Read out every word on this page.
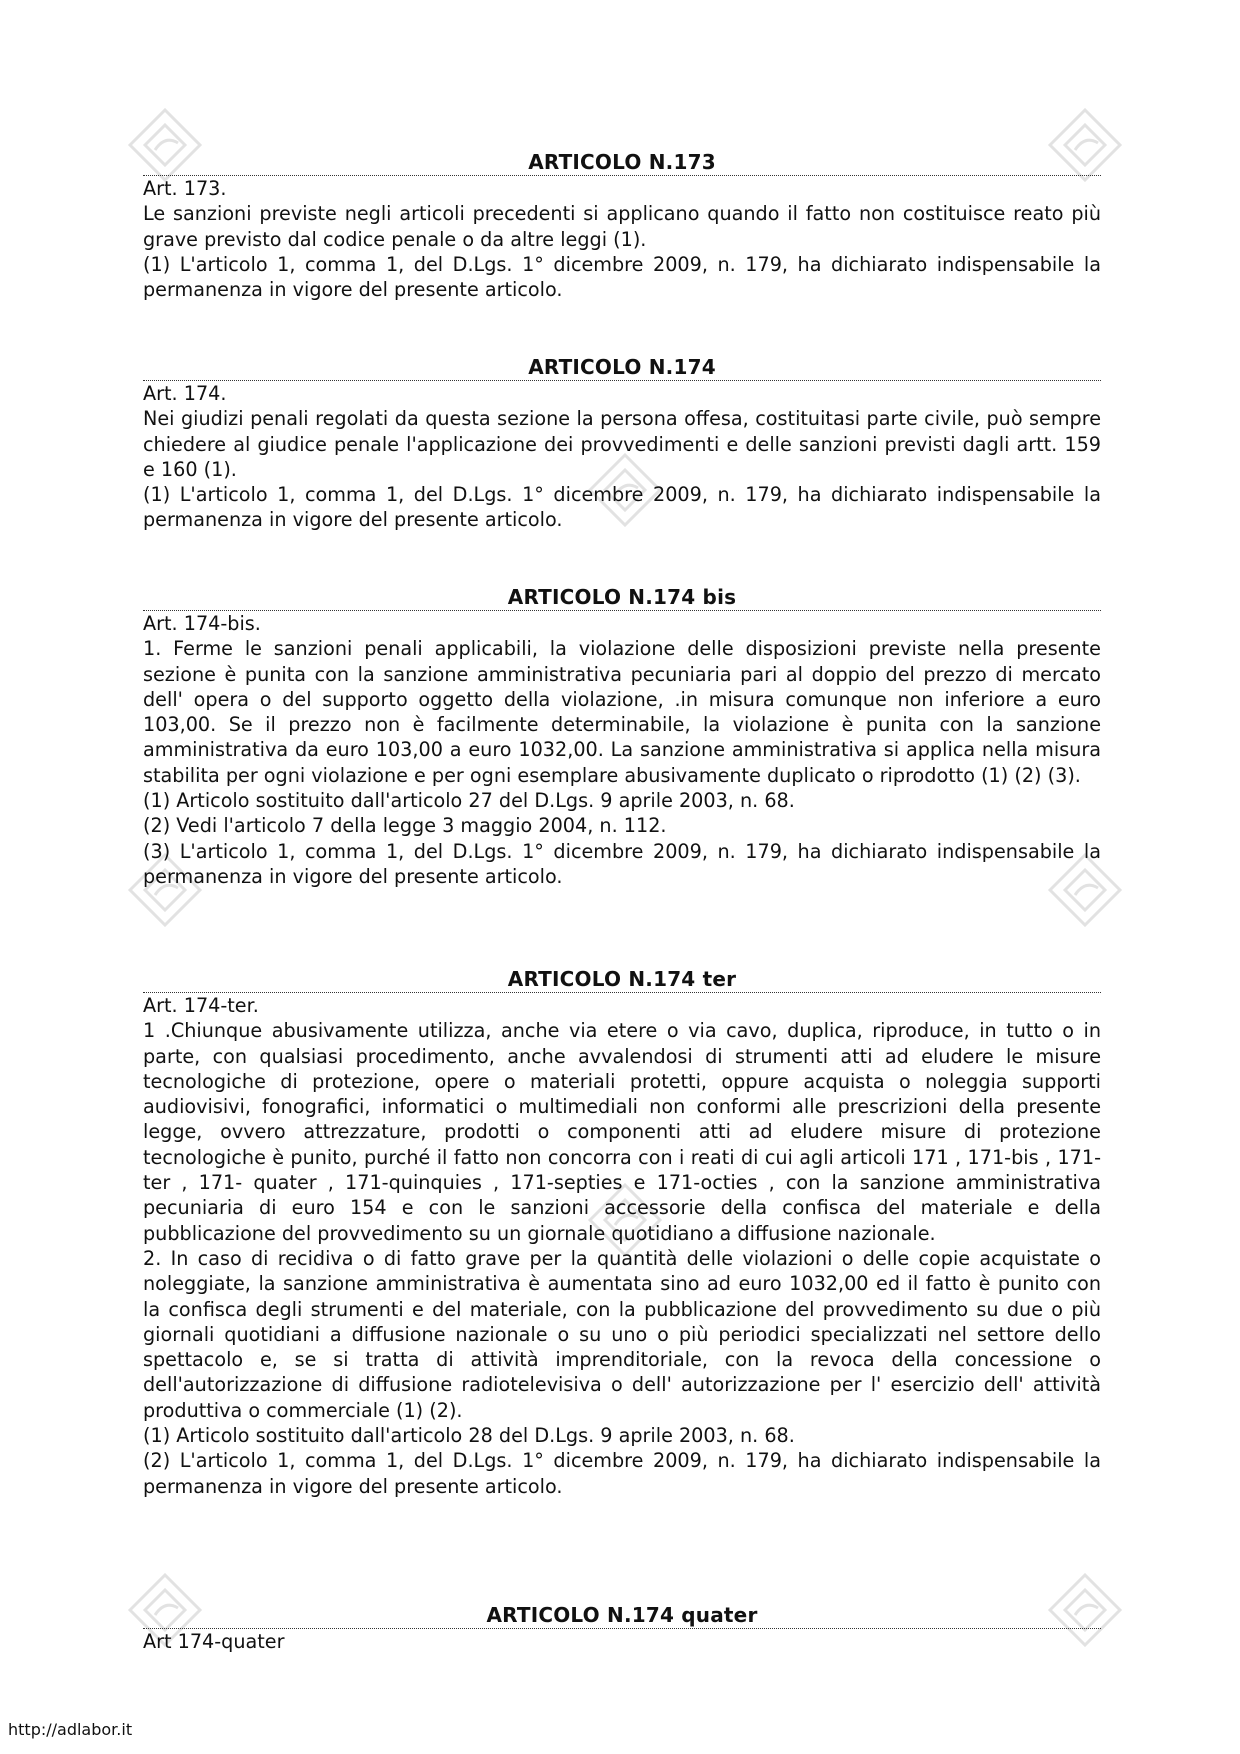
ARTICOLO N.173

Art. 173.

Le sanzioni previste negli articoli precedenti si applicano quando il fatto non costituisce reato più grave previsto dal codice penale o da altre leggi (1).

(1) L'articolo 1, comma 1, del D.Lgs. 1° dicembre 2009, n. 179, ha dichiarato indispensabile la permanenza in vigore del presente articolo.

ARTICOLO N.174

Art. 174.

Nei giudizi penali regolati da questa sezione la persona offesa, costituitasi parte civile, può sempre chiedere al giudice penale l'applicazione dei provvedimenti e delle sanzioni previsti dagli artt. 159 e 160 (1).

(1) L'articolo 1, comma 1, del D.Lgs. 1° dicembre 2009, n. 179, ha dichiarato indispensabile la permanenza in vigore del presente articolo.

ARTICOLO N.174 bis

Art. 174-bis.

1. Ferme le sanzioni penali applicabili, la violazione delle disposizioni previste nella presente sezione è punita con la sanzione amministrativa pecuniaria pari al doppio del prezzo di mercato dell' opera o del supporto oggetto della violazione, .in misura comunque non inferiore a euro 103,00. Se il prezzo non è facilmente determinabile, la violazione è punita con la sanzione amministrativa da euro 103,00 a euro 1032,00. La sanzione amministrativa si applica nella misura stabilita per ogni violazione e per ogni esemplare abusivamente duplicato o riprodotto (1) (2) (3).

(1) Articolo sostituito dall'articolo 27 del D.Lgs. 9 aprile 2003, n. 68.

(2) Vedi l'articolo 7 della legge 3 maggio 2004, n. 112.

(3) L'articolo 1, comma 1, del D.Lgs. 1° dicembre 2009, n. 179, ha dichiarato indispensabile la permanenza in vigore del presente articolo.

ARTICOLO N.174 ter

Art. 174-ter.

1 .Chiunque abusivamente utilizza, anche via etere o via cavo, duplica, riproduce, in tutto o in parte, con qualsiasi procedimento, anche avvalendosi di strumenti atti ad eludere le misure tecnologiche di protezione, opere o materiali protetti, oppure acquista o noleggia supporti audiovisivi, fonografici, informatici o multimediali non conformi alle prescrizioni della presente legge, ovvero attrezzature, prodotti o componenti atti ad eludere misure di protezione tecnologiche è punito, purché il fatto non concorra con i reati di cui agli articoli 171 , 171-bis , 171-ter , 171- quater , 171-quinquies , 171-septies e 171-octies , con la sanzione amministrativa pecuniaria di euro 154 e con le sanzioni accessorie della confisca del materiale e della pubblicazione del provvedimento su un giornale quotidiano a diffusione nazionale.

2. In caso di recidiva o di fatto grave per la quantità delle violazioni o delle copie acquistate o noleggiate, la sanzione amministrativa è aumentata sino ad euro 1032,00 ed il fatto è punito con la confisca degli strumenti e del materiale, con la pubblicazione del provvedimento su due o più giornali quotidiani a diffusione nazionale o su uno o più periodici specializzati nel settore dello spettacolo e, se si tratta di attività imprenditoriale, con la revoca della concessione o dell'autorizzazione di diffusione radiotelevisiva o dell' autorizzazione per l' esercizio dell' attività produttiva o commerciale (1) (2).

(1) Articolo sostituito dall'articolo 28 del D.Lgs. 9 aprile 2003, n. 68.

(2) L'articolo 1, comma 1, del D.Lgs. 1° dicembre 2009, n. 179, ha dichiarato indispensabile la permanenza in vigore del presente articolo.

ARTICOLO N.174 quater

Art 174-quater

http://adlabor.it
